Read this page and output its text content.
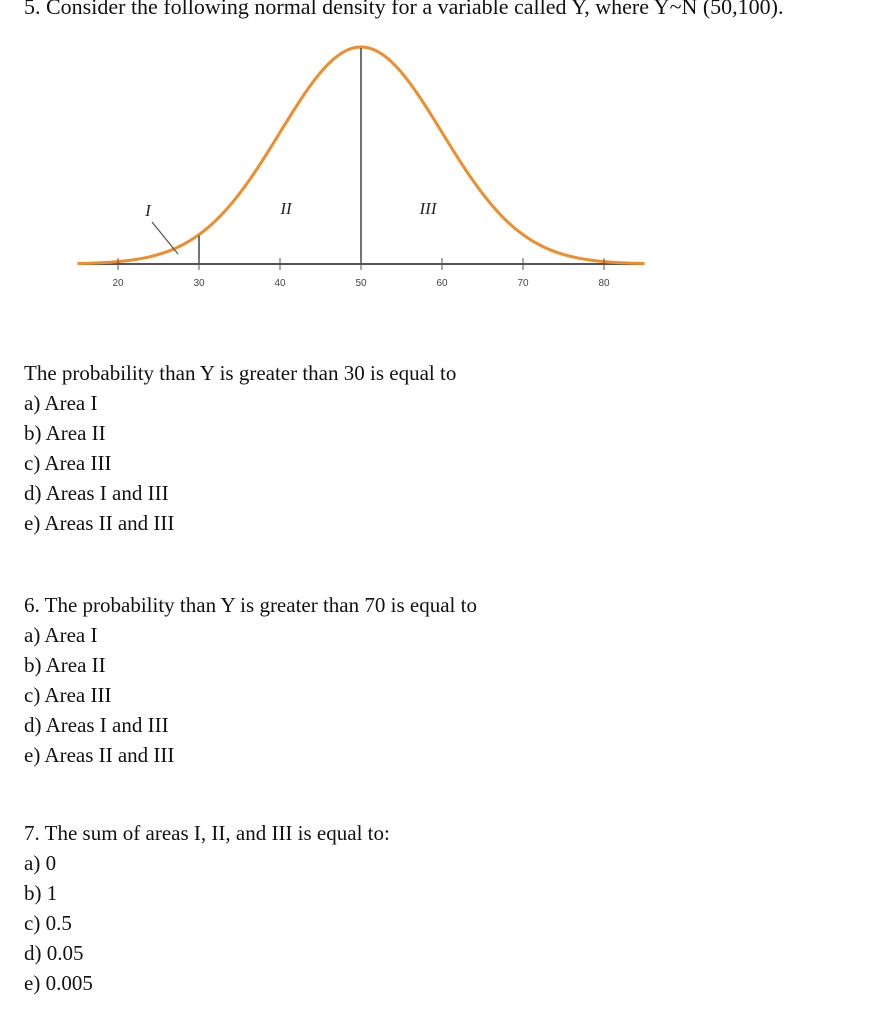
5. Consider the following normal density for a variable called Y, where Y~N (50,100).
20	30	40	50	60	70	80
I	II	III

The probability than Y is greater than 30 is equal to

a) Area I

b) Area II

c) Area III

d) Areas I and III

e) Areas II and III

6. The probability than Y is greater than 70 is equal to

a) Area I

b) Area II

c) Area III

d) Areas I and III

e) Areas II and III

7. The sum of areas I, II, and III is equal to:

a) 0

b) 1

c) 0.5

d) 0.05

e) 0.005
